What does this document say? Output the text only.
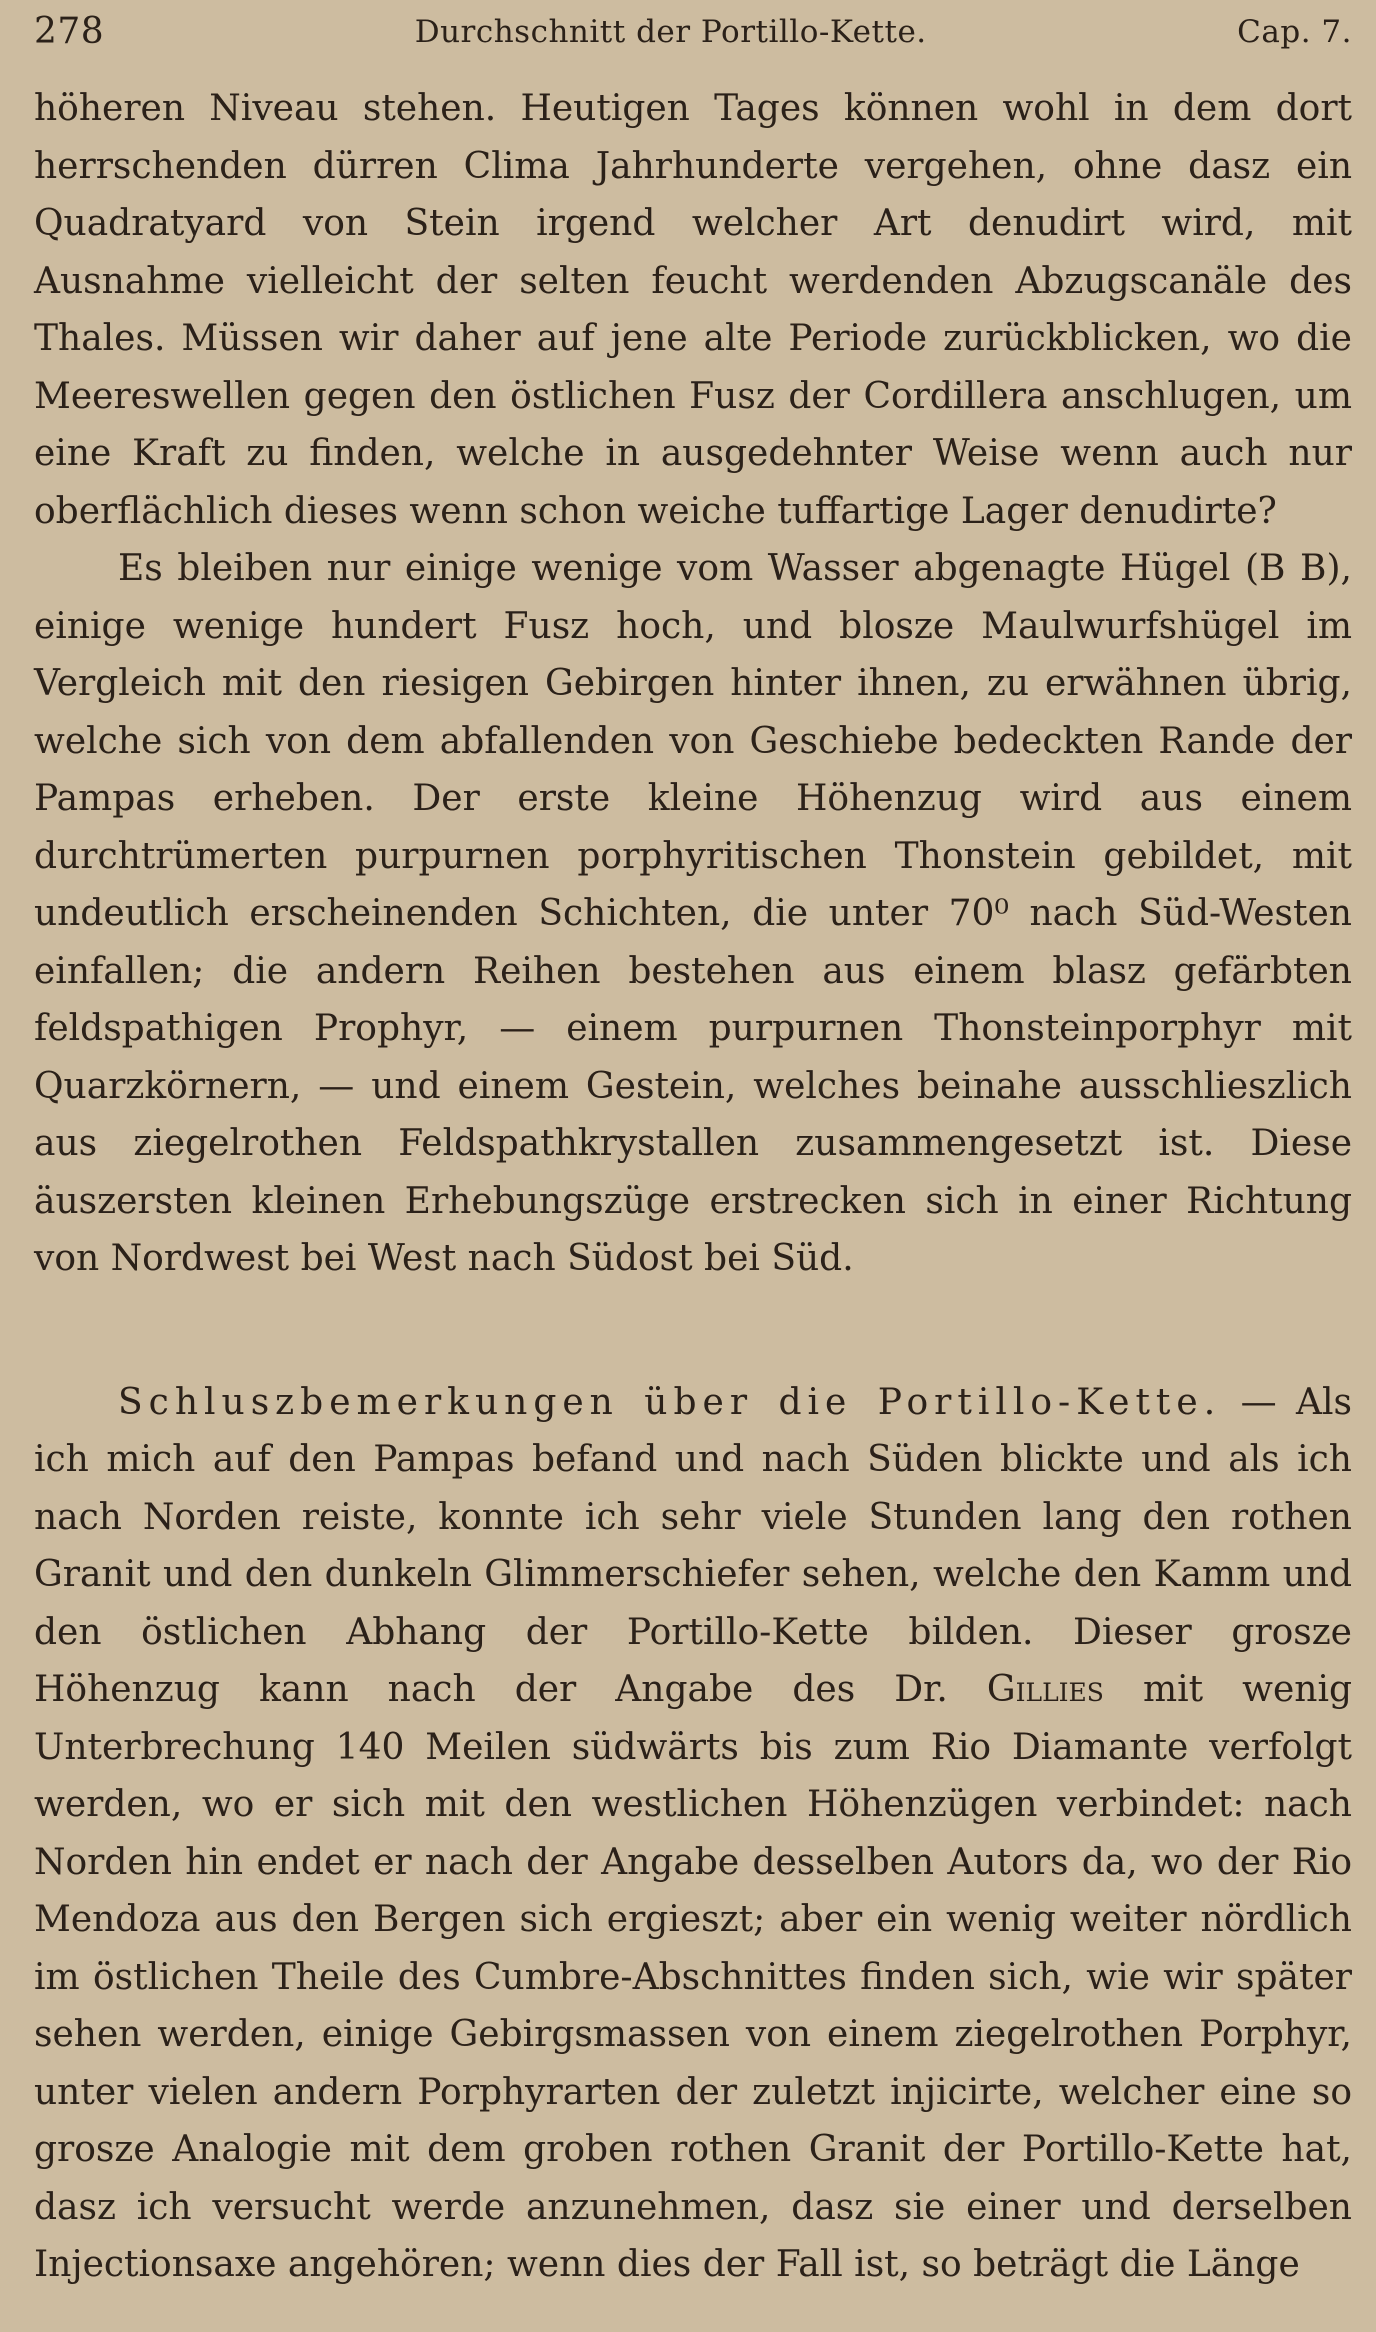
278	Durchschnitt der Portillo-Kette.	Cap. 7.

höheren Niveau stehen. Heutigen Tages können wohl in dem dort herrschenden dürren Clima Jahrhunderte vergehen, ohne dasz ein Quadratyard von Stein irgend welcher Art denudirt wird, mit Ausnahme vielleicht der selten feucht werdenden Abzugscanäle des Thales. Müssen wir daher auf jene alte Periode zurückblicken, wo die Meereswellen gegen den östlichen Fusz der Cordillera anschlugen, um eine Kraft zu finden, welche in ausgedehnter Weise wenn auch nur oberflächlich dieses wenn schon weiche tuffartige Lager denudirte?

Es bleiben nur einige wenige vom Wasser abgenagte Hügel (B B), einige wenige hundert Fusz hoch, und blosze Maulwurfshügel im Vergleich mit den riesigen Gebirgen hinter ihnen, zu erwähnen übrig, welche sich von dem abfallenden von Geschiebe bedeckten Rande der Pampas erheben. Der erste kleine Höhenzug wird aus einem durchtrümerten purpurnen porphyritischen Thonstein gebildet, mit undeutlich erscheinenden Schichten, die unter 70⁰ nach Süd-Westen einfallen; die andern Reihen bestehen aus einem blasz gefärbten feldspathigen Prophyr, — einem purpurnen Thonsteinporphyr mit Quarzkörnern, — und einem Gestein, welches beinahe ausschlieszlich aus ziegelrothen Feldspathkrystallen zusammengesetzt ist. Diese äuszersten kleinen Erhebungszüge erstrecken sich in einer Richtung von Nordwest bei West nach Südost bei Süd.

Schluszbemerkungen über die Portillo-Kette. — Als ich mich auf den Pampas befand und nach Süden blickte und als ich nach Norden reiste, konnte ich sehr viele Stunden lang den rothen Granit und den dunkeln Glimmerschiefer sehen, welche den Kamm und den östlichen Abhang der Portillo-Kette bilden. Dieser grosze Höhenzug kann nach der Angabe des Dr. Gillies mit wenig Unterbrechung 140 Meilen südwärts bis zum Rio Diamante verfolgt werden, wo er sich mit den westlichen Höhenzügen verbindet: nach Norden hin endet er nach der Angabe desselben Autors da, wo der Rio Mendoza aus den Bergen sich ergieszt; aber ein wenig weiter nördlich im östlichen Theile des Cumbre-Abschnittes finden sich, wie wir später sehen werden, einige Gebirgsmassen von einem ziegelrothen Porphyr, unter vielen andern Porphyrarten der zuletzt injicirte, welcher eine so grosze Analogie mit dem groben rothen Granit der Portillo-Kette hat, dasz ich versucht werde anzunehmen, dasz sie einer und derselben Injectionsaxe angehören; wenn dies der Fall ist, so beträgt die Länge
